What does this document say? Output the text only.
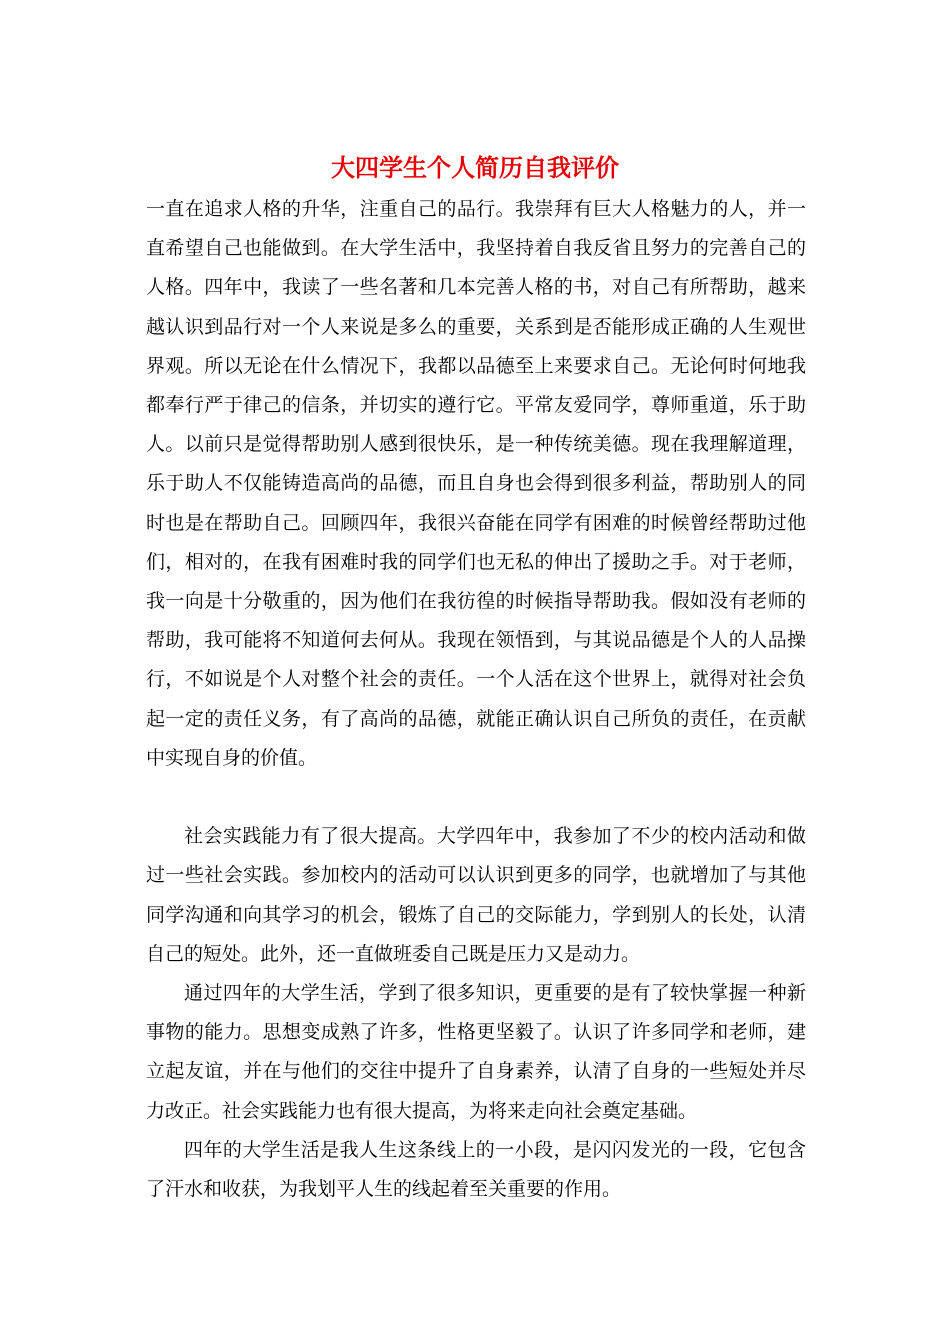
大四学生个人简历自我评价

一直在追求人格的升华，注重自己的品行。我崇拜有巨大人格魅力的人，并一直希望自己也能做到。在大学生活中，我坚持着自我反省且努力的完善自己的人格。四年中，我读了一些名著和几本完善人格的书，对自己有所帮助，越来越认识到品行对一个人来说是多么的重要，关系到是否能形成正确的人生观世界观。所以无论在什么情况下，我都以品德至上来要求自己。无论何时何地我都奉行严于律己的信条，并切实的遵行它。平常友爱同学，尊师重道，乐于助人。以前只是觉得帮助别人感到很快乐，是一种传统美德。现在我理解道理，乐于助人不仅能铸造高尚的品德，而且自身也会得到很多利益，帮助别人的同时也是在帮助自己。回顾四年，我很兴奋能在同学有困难的时候曾经帮助过他们，相对的，在我有困难时我的同学们也无私的伸出了援助之手。对于老师，我一向是十分敬重的，因为他们在我彷徨的时候指导帮助我。假如没有老师的帮助，我可能将不知道何去何从。我现在领悟到，与其说品德是个人的人品操行，不如说是个人对整个社会的责任。一个人活在这个世界上，就得对社会负起一定的责任义务，有了高尚的品德，就能正确认识自己所负的责任，在贡献中实现自身的价值。

社会实践能力有了很大提高。大学四年中，我参加了不少的校内活动和做过一些社会实践。参加校内的活动可以认识到更多的同学，也就增加了与其他同学沟通和向其学习的机会，锻炼了自己的交际能力，学到别人的长处，认清自己的短处。此外，还一直做班委自己既是压力又是动力。

通过四年的大学生活，学到了很多知识，更重要的是有了较快掌握一种新事物的能力。思想变成熟了许多，性格更坚毅了。认识了许多同学和老师，建立起友谊，并在与他们的交往中提升了自身素养，认清了自身的一些短处并尽力改正。社会实践能力也有很大提高，为将来走向社会奠定基础。

四年的大学生活是我人生这条线上的一小段，是闪闪发光的一段，它包含了汗水和收获，为我划平人生的线起着至关重要的作用。
